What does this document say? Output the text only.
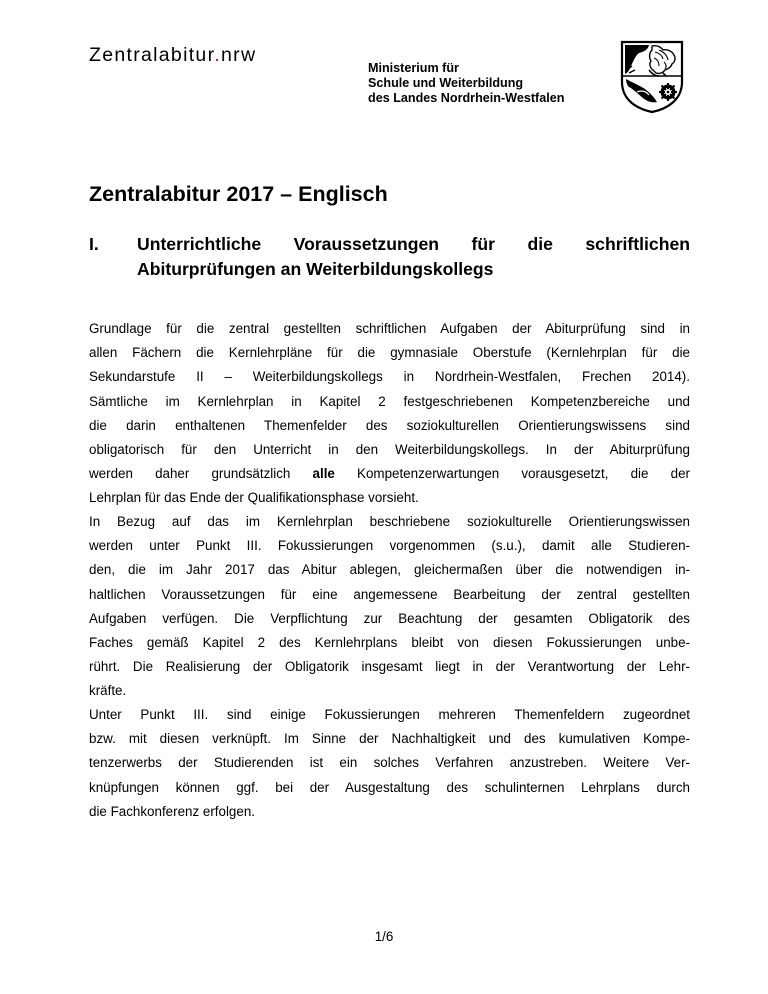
Zentralabitur.nrw
Ministerium für
Schule und Weiterbildung
des Landes Nordrhein-Westfalen
Zentralabitur 2017 – Englisch
I. Unterrichtliche Voraussetzungen für die schriftlichen
Abiturprüfungen an Weiterbildungskollegs
Grundlage für die zentral gestellten schriftlichen Aufgaben der Abiturprüfung sind in
allen Fächern die Kernlehrpläne für die gymnasiale Oberstufe (Kernlehrplan für die
Sekundarstufe II – Weiterbildungskollegs in Nordrhein-Westfalen, Frechen 2014).
Sämtliche im Kernlehrplan in Kapitel 2 festgeschriebenen Kompetenzbereiche und
die darin enthaltenen Themenfelder des soziokulturellen Orientierungswissens sind
obligatorisch für den Unterricht in den Weiterbildungskollegs. In der Abiturprüfung
werden daher grundsätzlich alle Kompetenzerwartungen vorausgesetzt, die der
Lehrplan für das Ende der Qualifikationsphase vorsieht.
In Bezug auf das im Kernlehrplan beschriebene soziokulturelle Orientierungswissen
werden unter Punkt III. Fokussierungen vorgenommen (s.u.), damit alle Studieren-
den, die im Jahr 2017 das Abitur ablegen, gleichermaßen über die notwendigen in-
haltlichen Voraussetzungen für eine angemessene Bearbeitung der zentral gestellten
Aufgaben verfügen. Die Verpflichtung zur Beachtung der gesamten Obligatorik des
Faches gemäß Kapitel 2 des Kernlehrplans bleibt von diesen Fokussierungen unbe-
rührt. Die Realisierung der Obligatorik insgesamt liegt in der Verantwortung der Lehr-
kräfte.
Unter Punkt III. sind einige Fokussierungen mehreren Themenfeldern zugeordnet
bzw. mit diesen verknüpft. Im Sinne der Nachhaltigkeit und des kumulativen Kompe-
tenzerwerbs der Studierenden ist ein solches Verfahren anzustreben. Weitere Ver-
knüpfungen können ggf. bei der Ausgestaltung des schulinternen Lehrplans durch
die Fachkonferenz erfolgen.
1/6
